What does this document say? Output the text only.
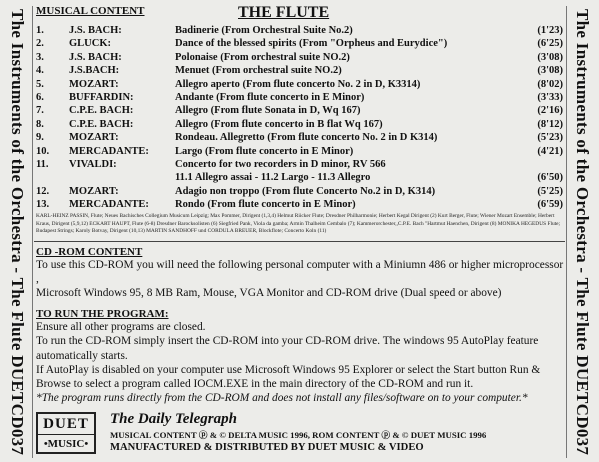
The Instruments of the Orchestra - The Flute DUETCD037	The Instruments of the Orchestra - The Flute DUETCD037
MUSICAL CONTENT	THE FLUTE
1.	J.S. BACH:	Badinerie (From Orchestral Suite No.2)	(1'23)
2.	GLUCK:	Dance of the blessed spirits (From "Orpheus and Eurydice")	(6'25)
3.	J.S. BACH:	Polonaise (From orchestral suite NO.2)	(3'08)
4.	J.S.BACH:	Menuet (From orchestral suite NO.2)	(3'08)
5.	MOZART:	Allegro aperto (From flute concerto No. 2 in D, K3314)	(8'02)
6.	BUFFARDIN:	Andante (From flute concerto in E Minor)	(3'33)
7.	C.P.E. BACH:	Allegro (From flute Sonata in D, Wq 167)	(2'16)
8.	C.P.E. BACH:	Allegro (From flute concerto in B flat Wq 167)	(8'12)
9.	MOZART:	Rondeau. Allegretto (From flute concerto No. 2 in D K314)	(5'23)
10.	MERCADANTE:	Largo (From flute concerto in E Minor)	(4'21)
11.	VIVALDI:	Concerto for two recorders in D minor, RV 566
11.1 Allegro assai - 11.2 Largo - 11.3 Allegro	(6'50)
12.	MOZART:	Adagio non troppo (From flute Concerto No.2 in D, K314)	(5'25)
13.	MERCADANTE:	Rondo (From flute concerto in E Minor)	(6'59)
KARL-HEINZ PASSIN, Flute; Neues Bachisches Collegium Musicum Leipzig; Max Pommer, Dirigent (1,3,4) Helmut Riicker Flute; Dresdner Philharmonie; Herbert Kegal Dirigent (2) Kurt Berger, Flute; Wiener Mozart Ensemble; Herbert Kraus, Dirigent (5,9,12) ECKART HAUPT, Flute (6-8) Dresdner Barocksolisten (6) Siegfried Pank, Viola da gamba; Armin Thalheim Cembalo (7); Kammerorchester,,C.P.E. Bach "Hartmut Haenchen, Dirigent (8) MONIKA HEGEDUS Flute; Budapest Strings; Karoly Botvay, Dirigent (10,13) MARTIN SANDHOFF und CORDULA BREUER, Blockflote; Concerto Koln (11)
CD -ROM CONTENT
To use this CD-ROM you will need the following personal computer with a Miniumn 486 or higher microprocessor ,
Microsoft Windows 95, 8 MB Ram, Mouse, VGA Monitor and CD-ROM drive (Dual speed or above)
TO RUN THE PROGRAM:
Ensure all other programs are closed.
To run the CD-ROM simply insert the CD-ROM into your CD-ROM drive. The windows 95 AutoPlay feature
automatically starts.
If AutoPlay is disabled on your computer use Microsoft Windows 95 Explorer or select the Start button Run &
Browse to select a program called IOCM.EXE in the main directory of the CD-ROM and run it.
*The program runs directly from the CD-ROM and does not install any files/software on to your computer.*
DUET
•MUSIC•
The Daily Telegraph
MUSICAL CONTENT ⓟ & © DELTA MUSIC 1996, ROM CONTENT ⓟ & © DUET MUSIC 1996
MANUFACTURED & DISTRIBUTED BY DUET MUSIC & VIDEO
